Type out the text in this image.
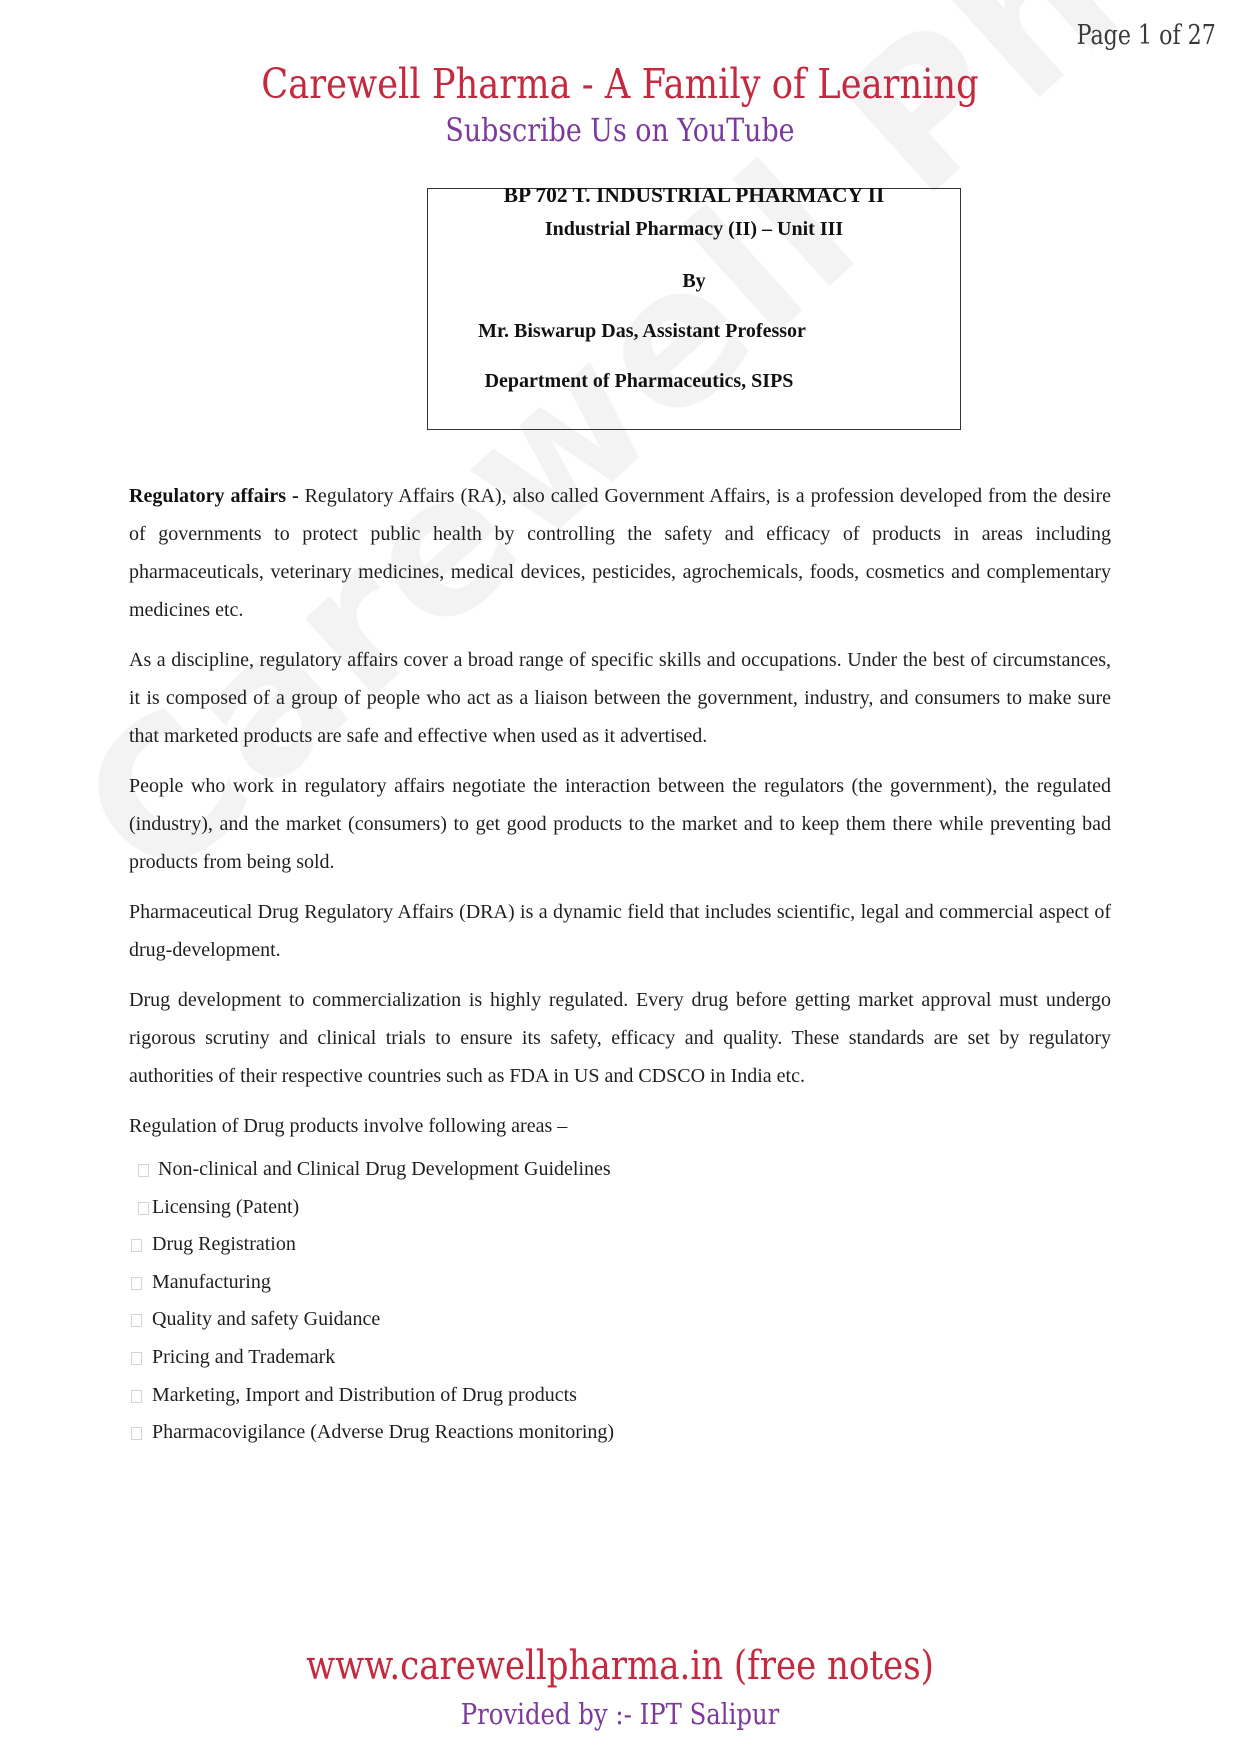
Page 1 of 27
Carewell Pharma - A Family of Learning
Subscribe Us on YouTube
BP 702 T. INDUSTRIAL PHARMACY II
Industrial Pharmacy (II) – Unit III
By
Mr. Biswarup Das, Assistant Professor
Department of Pharmaceutics, SIPS

Regulatory affairs - Regulatory Affairs (RA), also called Government Affairs, is a profession developed from the desire of governments to protect public health by controlling the safety and efficacy of products in areas including pharmaceuticals, veterinary medicines, medical devices, pesticides, agrochemicals, foods, cosmetics and complementary medicines etc.

As a discipline, regulatory affairs cover a broad range of specific skills and occupations. Under the best of circumstances, it is composed of a group of people who act as a liaison between the government, industry, and consumers to make sure that marketed products are safe and effective when used as it advertised.

People who work in regulatory affairs negotiate the interaction between the regulators (the government), the regulated (industry), and the market (consumers) to get good products to the market and to keep them there while preventing bad products from being sold.

Pharmaceutical Drug Regulatory Affairs (DRA) is a dynamic field that includes scientific, legal and commercial aspect of drug-development.

Drug development to commercialization is highly regulated. Every drug before getting market approval must undergo rigorous scrutiny and clinical trials to ensure its safety, efficacy and quality. These standards are set by regulatory authorities of their respective countries such as FDA in US and CDSCO in India etc.

Regulation of Drug products involve following areas –

Non-clinical and Clinical Drug Development Guidelines
Licensing (Patent)
Drug Registration
Manufacturing
Quality and safety Guidance
Pricing and Trademark
Marketing, Import and Distribution of Drug products
Pharmacovigilance (Adverse Drug Reactions monitoring)
www.carewellpharma.in (free notes)
Provided by :- IPT Salipur
